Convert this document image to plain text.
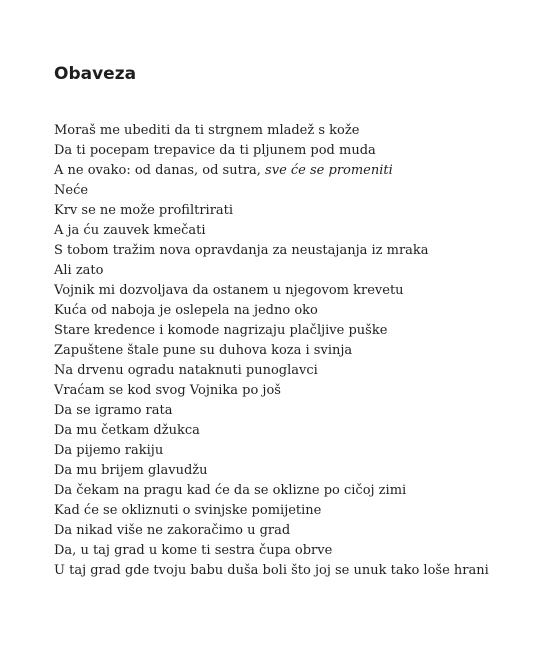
Obaveza
Moraš me ubediti da ti strgnem mladež s kože
Da ti pocepam trepavice da ti pljunem pod muda
A ne ovako: od danas, od sutra, sve će se promeniti
Neće
Krv se ne može profiltrirati
A ja ću zauvek kmečati
S tobom tražim nova opravdanja za neustajanja iz mraka
Ali zato
Vojnik mi dozvoljava da ostanem u njegovom krevetu
Kuća od naboja je oslepela na jedno oko
Stare kredence i komode nagrizaju plačljive puške
Zapuštene štale pune su duhova koza i svinja
Na drvenu ogradu nataknuti punoglavci
Vraćam se kod svog Vojnika po još
Da se igramo rata
Da mu četkam džukca
Da pijemo rakiju
Da mu brijem glavudžu
Da čekam na pragu kad će da se oklizne po cičoj zimi
Kad će se okliznuti o svinjske pomijetine
Da nikad više ne zakoračimo u grad
Da, u taj grad u kome ti sestra čupa obrve
U taj grad gde tvoju babu duša boli što joj se unuk tako loše hrani
